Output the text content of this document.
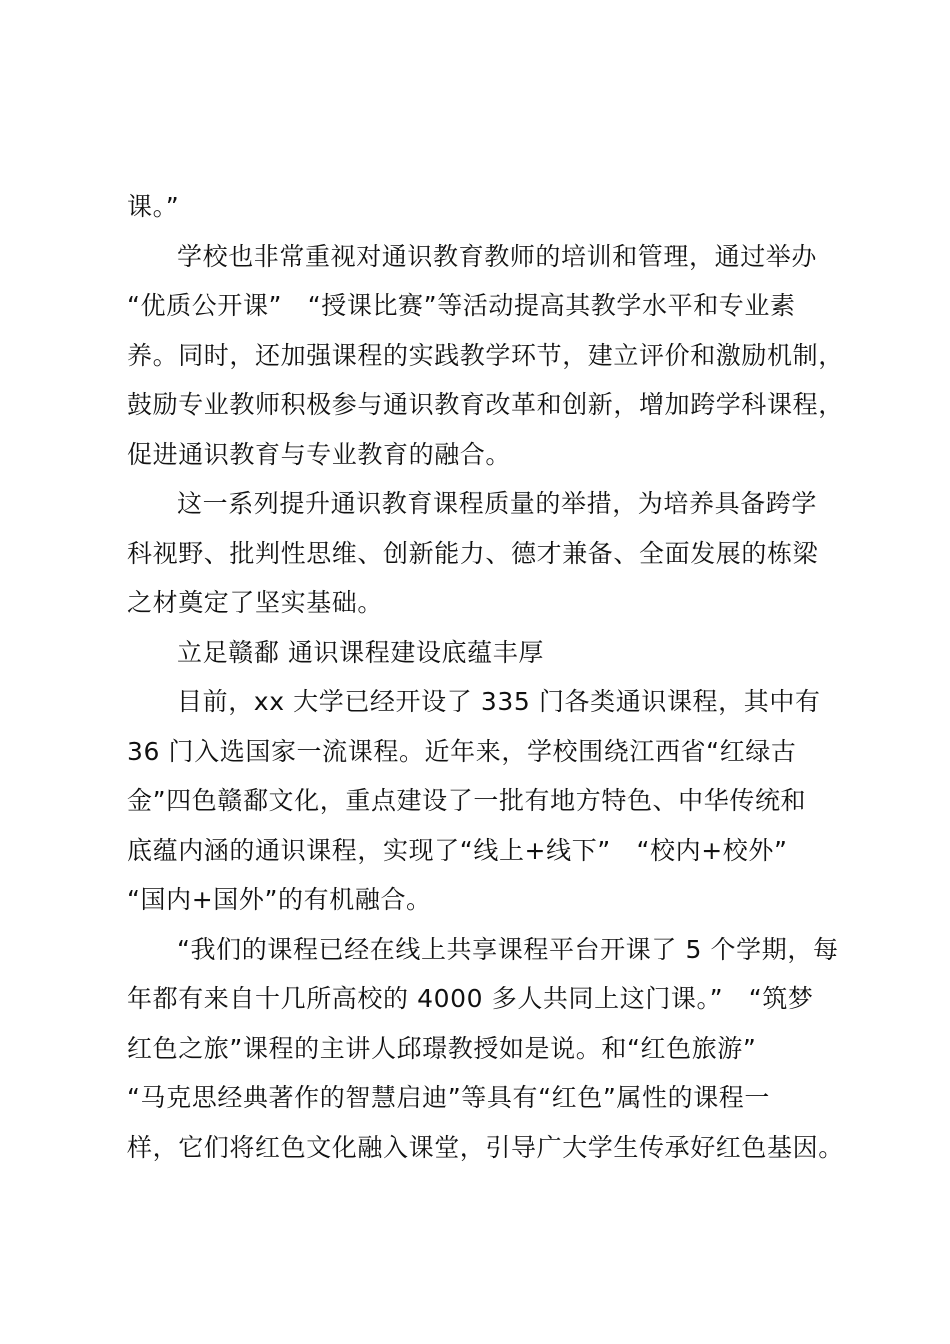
课。”
学校也非常重视对通识教育教师的培训和管理，通过举办
“优质公开课”　“授课比赛”等活动提高其教学水平和专业素
养。同时，还加强课程的实践教学环节，建立评价和激励机制，
鼓励专业教师积极参与通识教育改革和创新，增加跨学科课程，
促进通识教育与专业教育的融合。
这一系列提升通识教育课程质量的举措，为培养具备跨学
科视野、批判性思维、创新能力、德才兼备、全面发展的栋梁
之材奠定了坚实基础。
立足赣鄱 通识课程建设底蕴丰厚
目前，xx 大学已经开设了 335 门各类通识课程，其中有
36 门入选国家一流课程。近年来，学校围绕江西省“红绿古
金”四色赣鄱文化，重点建设了一批有地方特色、中华传统和
底蕴内涵的通识课程，实现了“线上+线下”　“校内+校外”
“国内+国外”的有机融合。
“我们的课程已经在线上共享课程平台开课了 5 个学期，每
年都有来自十几所高校的 4000 多人共同上这门课。”　“筑梦
红色之旅”课程的主讲人邱璟教授如是说。和“红色旅游”
“马克思经典著作的智慧启迪”等具有“红色”属性的课程一
样，它们将红色文化融入课堂，引导广大学生传承好红色基因。
